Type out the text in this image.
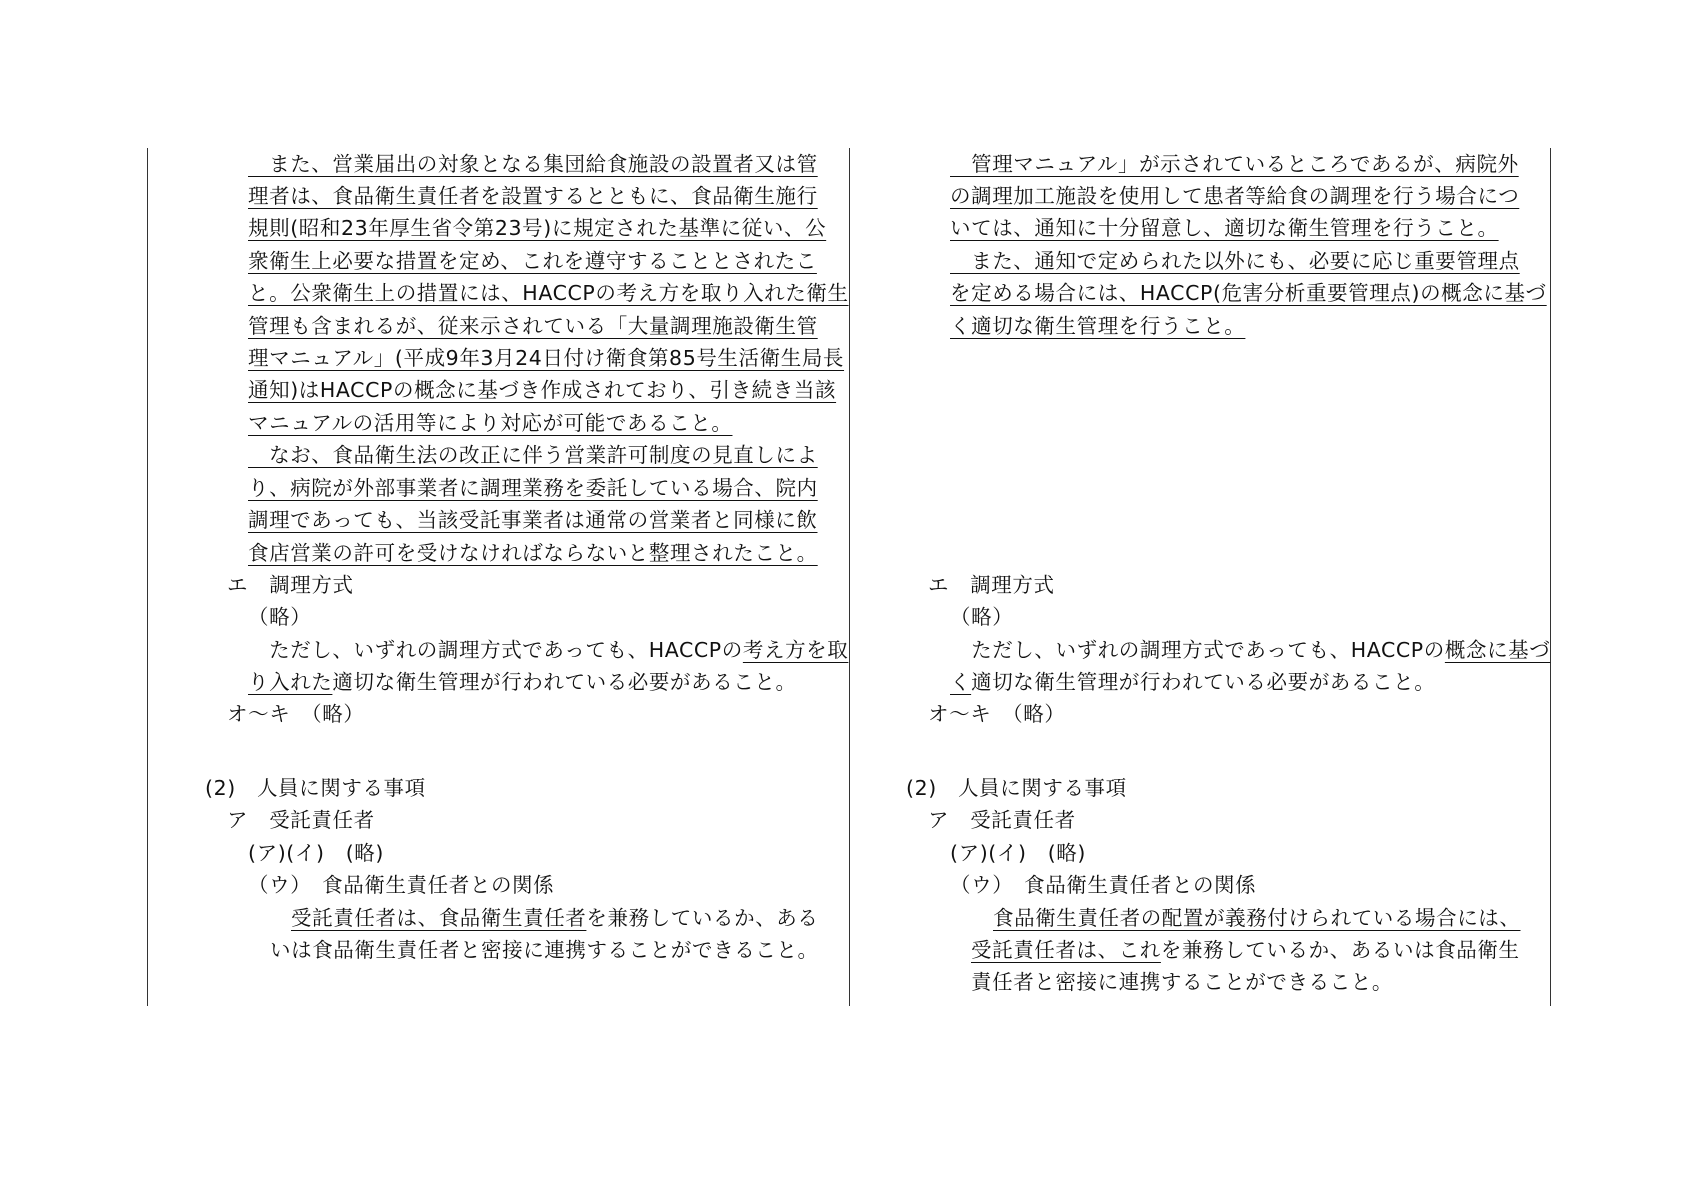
　また、営業届出の対象となる集団給食施設の設置者又は管
理者は、食品衛生責任者を設置するとともに、食品衛生施行
規則(昭和23年厚生省令第23号)に規定された基準に従い、公
衆衛生上必要な措置を定め、これを遵守することとされたこ
と。公衆衛生上の措置には、HACCPの考え方を取り入れた衛生
管理も含まれるが、従来示されている「大量調理施設衛生管
理マニュアル」(平成9年3月24日付け衛食第85号生活衛生局長
通知)はHACCPの概念に基づき作成されており、引き続き当該
マニュアルの活用等により対応が可能であること。
　なお、食品衛生法の改正に伴う営業許可制度の見直しによ
り、病院が外部事業者に調理業務を委託している場合、院内
調理であっても、当該受託事業者は通常の営業者と同様に飲
食店営業の許可を受けなければならないと整理されたこと。
エ　調理方式
（略）
　ただし、いずれの調理方式であっても、HACCPの考え方を取
り入れた適切な衛生管理が行われている必要があること。
オ～キ　（略）
(2)　人員に関する事項
ア　受託責任者
(ア)(イ)　(略)
（ウ）　食品衛生責任者との関係
受託責任者は、食品衛生責任者を兼務しているか、ある
いは食品衛生責任者と密接に連携することができること。
　管理マニュアル」が示されているところであるが、病院外
の調理加工施設を使用して患者等給食の調理を行う場合につ
いては、通知に十分留意し、適切な衛生管理を行うこと。
　また、通知で定められた以外にも、必要に応じ重要管理点
を定める場合には、HACCP(危害分析重要管理点)の概念に基づ
く適切な衛生管理を行うこと。
エ　調理方式
（略）
　ただし、いずれの調理方式であっても、HACCPの概念に基づ
く適切な衛生管理が行われている必要があること。
オ～キ　（略）
(2)　人員に関する事項
ア　受託責任者
(ア)(イ)　(略)
（ウ）　食品衛生責任者との関係
食品衛生責任者の配置が義務付けられている場合には、
受託責任者は、これを兼務しているか、あるいは食品衛生
責任者と密接に連携することができること。
